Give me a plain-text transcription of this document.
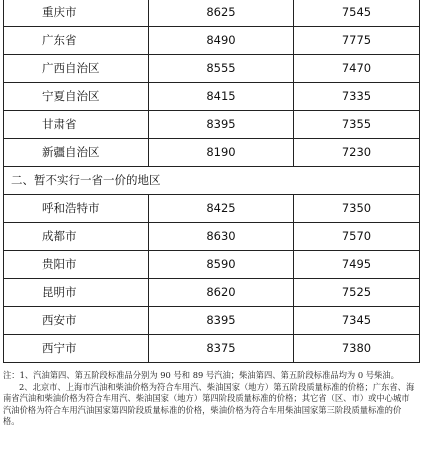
重庆市	8625	7545
广东省	8490	7775
广西自治区	8555	7470
宁夏自治区	8415	7335
甘肃省	8395	7355
新疆自治区	8190	7230
二、暂不实行一省一价的地区		
呼和浩特市	8425	7350
成都市	8630	7570
贵阳市	8590	7495
昆明市	8620	7525
西安市	8395	7345
西宁市	8375	7380

注：1、汽油第四、第五阶段标准品分别为 90 号和 89 号汽油；柴油第四、第五阶段标准品均为 0 号柴油。

2、北京市、上海市汽油和柴油价格为符合车用汽、柴油国家（地方）第五阶段质量标准的价格；广东省、海南省汽油和柴油价格为符合车用汽、柴油国家（地方）第四阶段质量标准的价格；其它省（区、市）或中心城市汽油价格为符合车用汽油国家第四阶段质量标准的价格，柴油价格为符合车用柴油国家第三阶段质量标准的价格。
